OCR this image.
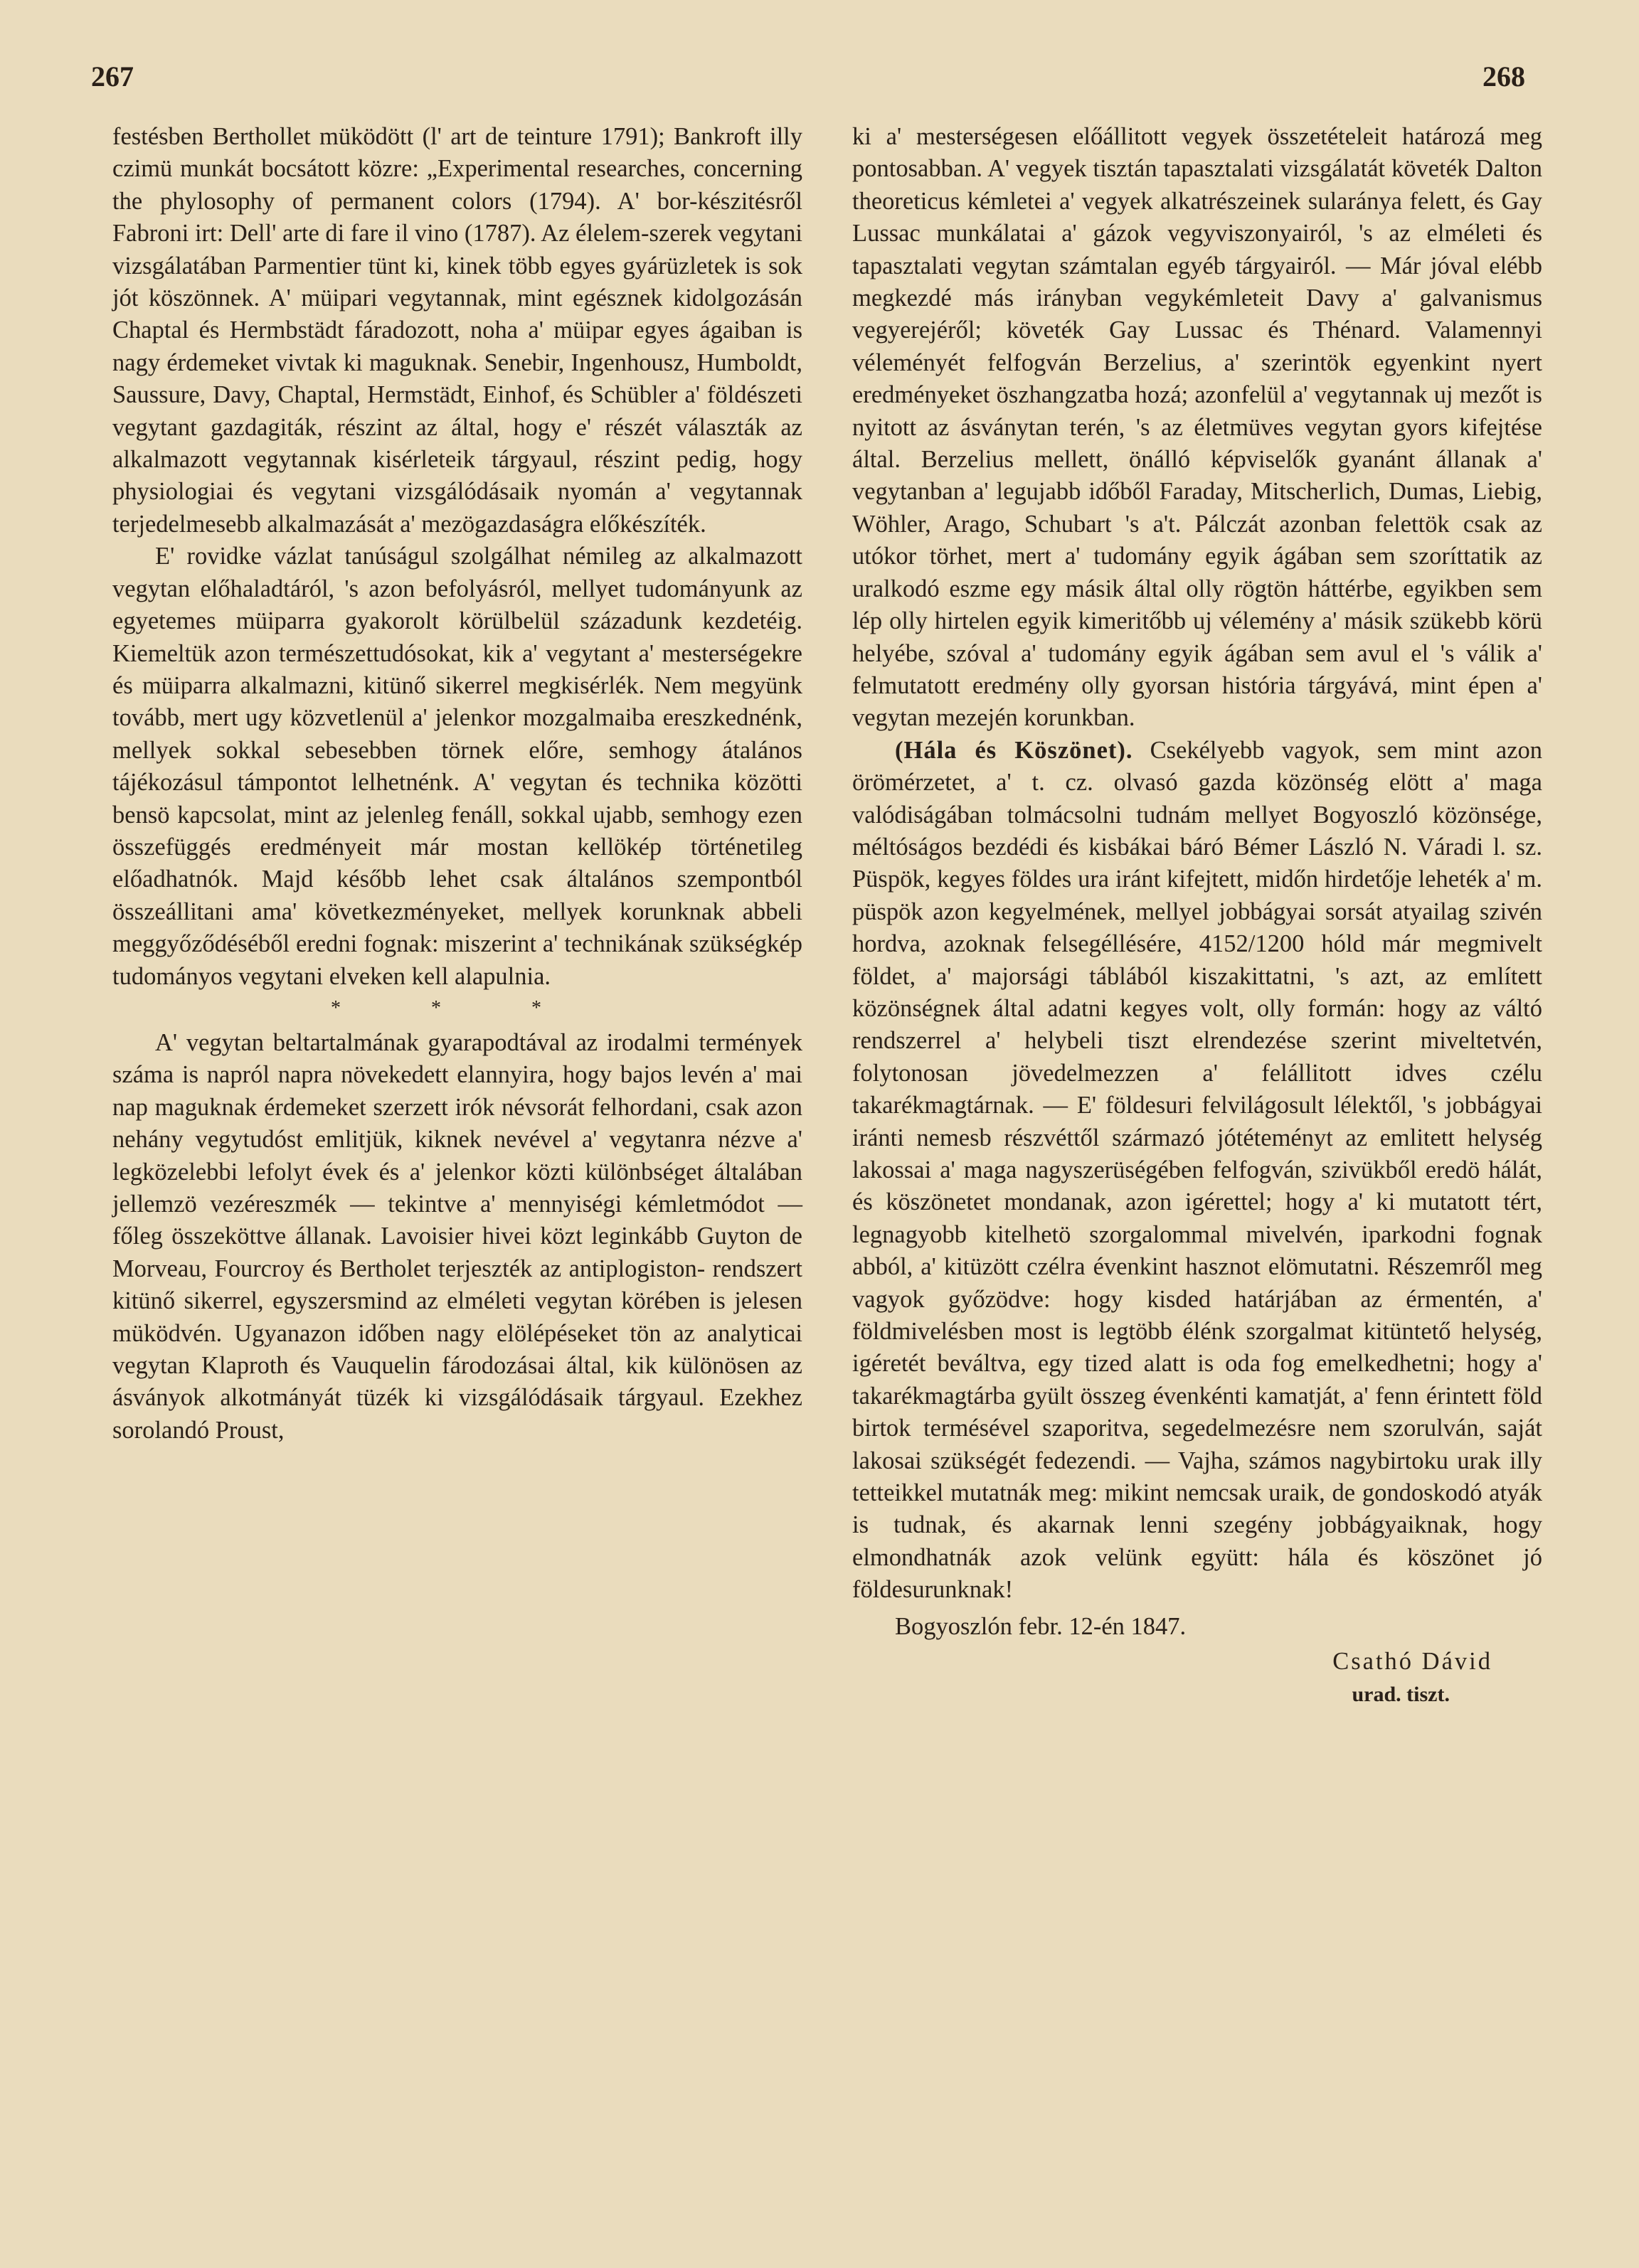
267	268

festésben Berthollet müködött (l' art de teinture 1791); Bankroft illy czimü munkát bocsátott közre: „Experimental researches, concerning the phylosophy of permanent colors (1794). A' bor-készitésről Fabroni irt: Dell' arte di fare il vino (1787). Az élelem-szerek vegytani vizsgálatában Parmentier tünt ki, kinek több egyes gyárüzletek is sok jót köszönnek. A' müipari vegytannak, mint egésznek kidolgozásán Chaptal és Hermbstädt fáradozott, noha a' müipar egyes ágaiban is nagy érdemeket vivtak ki maguknak. Senebir, Ingenhousz, Humboldt, Saussure, Davy, Chaptal, Hermstädt, Einhof, és Schübler a' földészeti vegytant gazdagiták, részint az által, hogy e' részét választák az alkalmazott vegytannak kisérleteik tárgyaul, részint pedig, hogy physiologiai és vegytani vizsgálódásaik nyomán a' vegytannak terjedelmesebb alkalmazását a' mezögazdaságra előkészíték.

E' rovidke vázlat tanúságul szolgálhat némileg az alkalmazott vegytan előhaladtáról, 's azon befolyásról, mellyet tudományunk az egyetemes müiparra gyakorolt körülbelül századunk kezdetéig. Kiemeltük azon természettudósokat, kik a' vegytant a' mesterségekre és müiparra alkalmazni, kitünő sikerrel megkisérlék. Nem megyünk tovább, mert ugy közvetlenül a' jelenkor mozgalmaiba ereszkednénk, mellyek sokkal sebesebben törnek előre, semhogy átalános tájékozásul támpontot lelhetnénk. A' vegytan és technika közötti bensö kapcsolat, mint az jelenleg fenáll, sokkal ujabb, semhogy ezen összefüggés eredményeit már mostan kellökép történetileg előadhatnók. Majd később lehet csak általános szempontból összeállitani ama' következményeket, mellyek korunknak abbeli meggyőződéséből eredni fognak: miszerint a' technikának szükségkép tudományos vegytani elveken kell alapulnia.

* * *

A' vegytan beltartalmának gyarapodtával az irodalmi termények száma is napról napra növekedett elannyira, hogy bajos levén a' mai nap maguknak érdemeket szerzett irók névsorát felhordani, csak azon nehány vegytudóst emlitjük, kiknek nevével a' vegytanra nézve a' legközelebbi lefolyt évek és a' jelenkor közti különbséget általában jellemzö vezéreszmék — tekintve a' mennyiségi kémletmódot — főleg összeköttve állanak. Lavoisier hivei közt leginkább Guyton de Morveau, Fourcroy és Bertholet terjeszték az antiplogiston- rendszert kitünő sikerrel, egyszersmind az elméleti vegytan körében is jelesen müködvén. Ugyanazon időben nagy elölépéseket tön az analyticai vegytan Klaproth és Vauquelin fárodozásai által, kik különösen az ásványok alkotmányát tüzék ki vizsgálódásaik tárgyaul. Ezekhez sorolandó Proust,

ki a' mesterségesen előállitott vegyek összetételeit határozá meg pontosabban. A' vegyek tisztán tapasztalati vizsgálatát követék Dalton theoreticus kémletei a' vegyek alkatrészeinek sularánya felett, és Gay Lussac munkálatai a' gázok vegyviszonyairól, 's az elméleti és tapasztalati vegytan számtalan egyéb tárgyairól. — Már jóval elébb megkezdé más irányban vegykémleteit Davy a' galvanismus vegyerejéről; követék Gay Lussac és Thénard. Valamennyi véleményét felfogván Berzelius, a' szerintök egyenkint nyert eredményeket öszhangzatba hozá; azonfelül a' vegytannak uj mezőt is nyitott az ásványtan terén, 's az életmüves vegytan gyors kifejtése által. Berzelius mellett, önálló képviselők gyanánt állanak a' vegytanban a' legujabb időből Faraday, Mitscherlich, Dumas, Liebig, Wöhler, Arago, Schubart 's a't. Pálczát azonban felettök csak az utókor törhet, mert a' tudomány egyik ágában sem szoríttatik az uralkodó eszme egy másik által olly rögtön háttérbe, egyikben sem lép olly hirtelen egyik kimeritőbb uj vélemény a' másik szükebb körü helyébe, szóval a' tudomány egyik ágában sem avul el 's válik a' felmutatott eredmény olly gyorsan história tárgyává, mint épen a' vegytan mezején korunkban.

(Hála és Köszönet). Csekélyebb vagyok, sem mint azon örömérzetet, a' t. cz. olvasó gazda közönség elött a' maga valódiságában tolmácsolni tudnám mellyet Bogyoszló közönsége, méltóságos bezdédi és kisbákai báró Bémer László N. Váradi l. sz. Püspök, kegyes földes ura iránt kifejtett, midőn hirdetője leheték a' m. püspök azon kegyelmének, mellyel jobbágyai sorsát atyailag szivén hordva, azoknak felsegéllésére, 4152/1200 hóld már megmivelt földet, a' majorsági táblából kiszakittatni, 's azt, az említett közönségnek által adatni kegyes volt, olly formán: hogy az váltó rendszerrel a' helybeli tiszt elrendezése szerint miveltetvén, folytonosan jövedelmezzen a' felállitott idves czélu takarékmagtárnak. — E' földesuri felvilágosult lélektől, 's jobbágyai iránti nemesb részvéttől származó jótéteményt az emlitett helység lakossai a' maga nagyszerüségében felfogván, szivükből eredö hálát, és köszönetet mondanak, azon igérettel; hogy a' ki mutatott tért, legnagyobb kitelhetö szorgalommal mivelvén, iparkodni fognak abból, a' kitüzött czélra évenkint hasznot elömutatni. Részemről meg vagyok győzödve: hogy kisded határjában az érmentén, a' földmivelésben most is legtöbb élénk szorgalmat kitüntető helység, igéretét beváltva, egy tized alatt is oda fog emelkedhetni; hogy a' takarékmagtárba gyült összeg évenkénti kamatját, a' fenn érintett föld birtok termésével szaporitva, segedelmezésre nem szorulván, saját lakosai szükségét fedezendi. — Vajha, számos nagybirtoku urak illy tetteikkel mutatnák meg: mikint nemcsak uraik, de gondoskodó atyák is tudnak, és akarnak lenni szegény jobbágyaiknak, hogy elmondhatnák azok velünk együtt: hála és köszönet jó földesurunknak!

Bogyoszlón febr. 12-én 1847.
Csathó Dávid
urad. tiszt.
